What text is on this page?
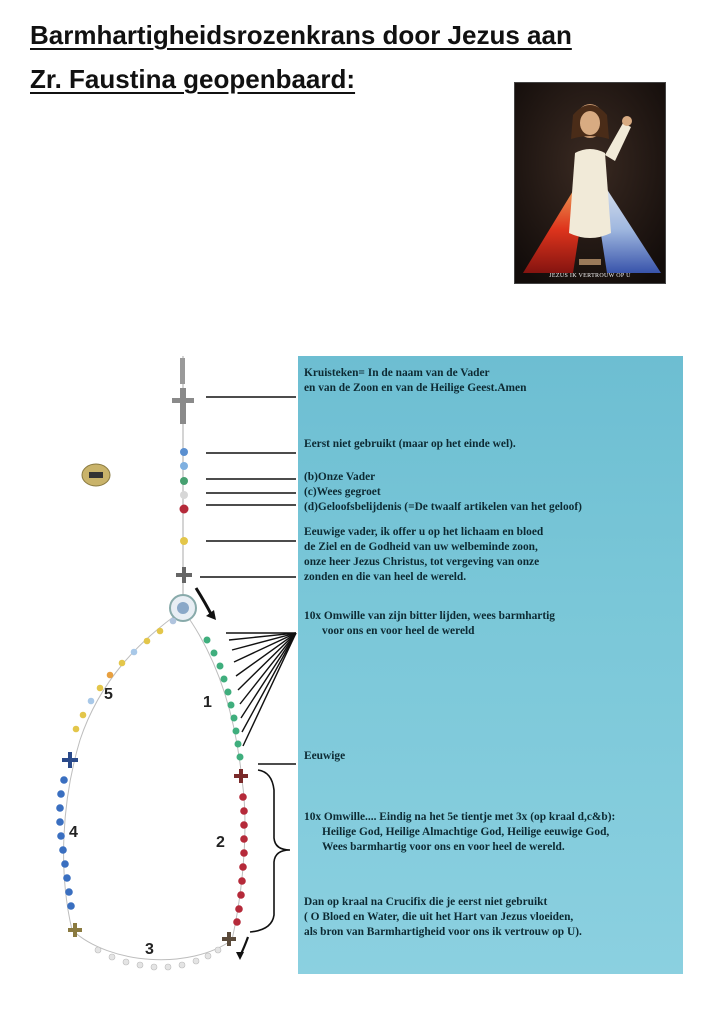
Barmhartigheidsrozenkrans door Jezus aan
Zr. Faustina geopenbaard:
JEZUS IK VERTROUW OP U
5	1
4
2
3
Kruisteken= In de naam van de Vader
en van de Zoon en van de Heilige Geest.Amen
Eerst niet gebruikt (maar op het einde wel).
(b)Onze Vader
(c)Wees gegroet
(d)Geloofsbelijdenis (=De twaalf artikelen van het geloof)
Eeuwige vader, ik offer u op het lichaam en bloed
de Ziel en de Godheid van uw welbeminde zoon,
onze heer Jezus Christus, tot vergeving van onze
zonden en die van heel de wereld.
10x Omwille van zijn bitter lijden, wees barmhartig
voor ons en voor heel de wereld
Eeuwige
10x Omwille.... Eindig na het 5e tientje met 3x (op kraal d,c&b):
Heilige God, Heilige Almachtige God, Heilige eeuwige God,
Wees barmhartig voor ons en voor heel de wereld.
Dan op kraal na Crucifix die je eerst niet gebruikt
( O Bloed en Water, die uit het Hart van Jezus vloeiden,
als bron van Barmhartigheid voor ons ik vertrouw op U).
